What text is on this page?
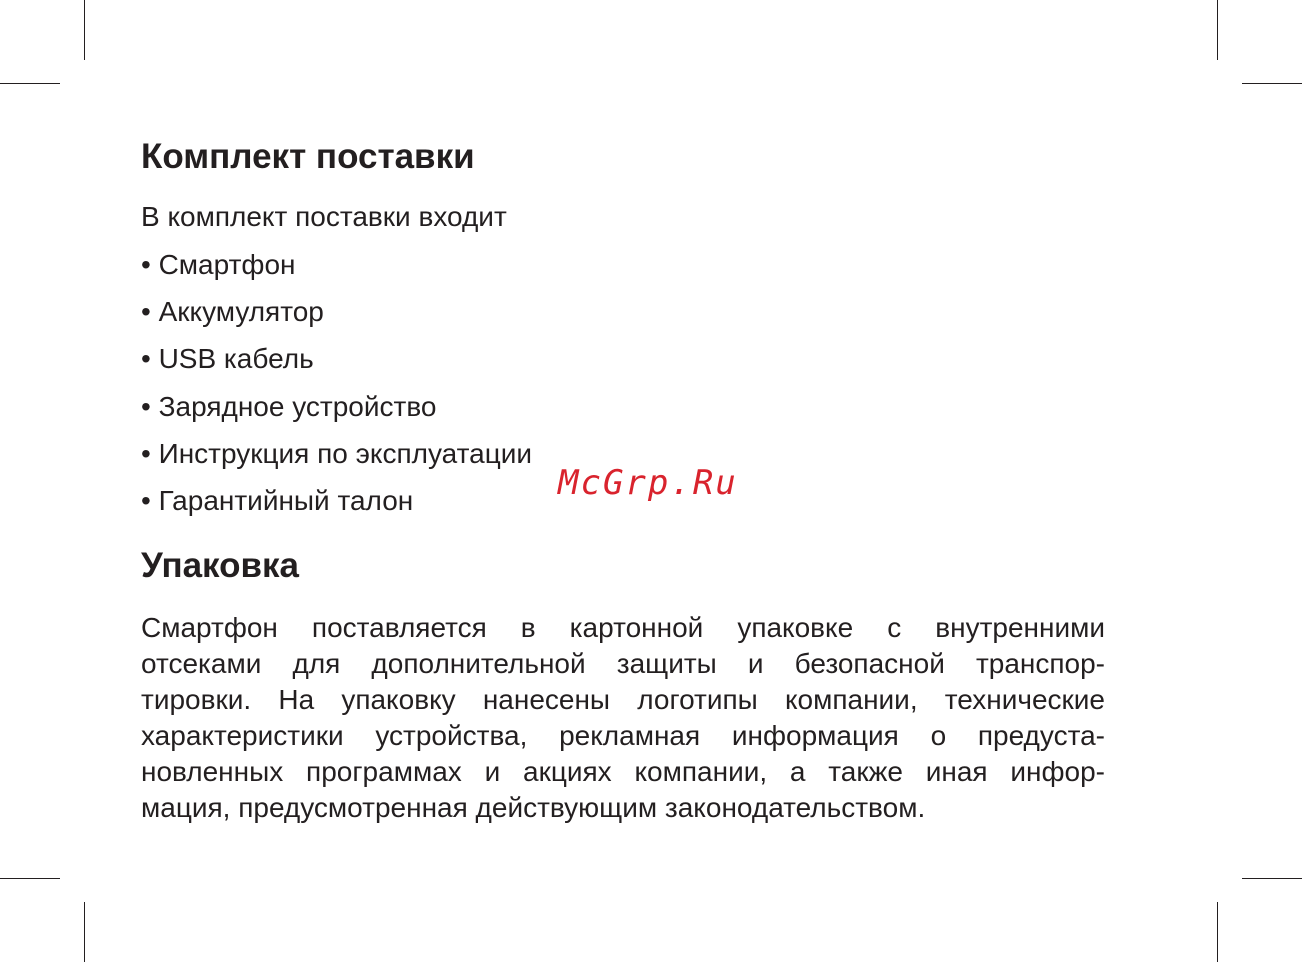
Комплект поставки

В комплект поставки входит

• Смартфон

• Аккумулятор

• USB кабель

• Зарядное устройство

• Инструкция по эксплуатации

• Гарантийный талон

Упаковка
Смартфон поставляется в картонной упаковке с внутренними
отсеками для дополнительной защиты и безопасной транспор-
тировки. На упаковку нанесены логотипы компании, технические
характеристики устройства, рекламная информация о предуста-
новленных программах и акциях компании, а также иная инфор-
мация, предусмотренная действующим законодательством.
McGrp.Ru
